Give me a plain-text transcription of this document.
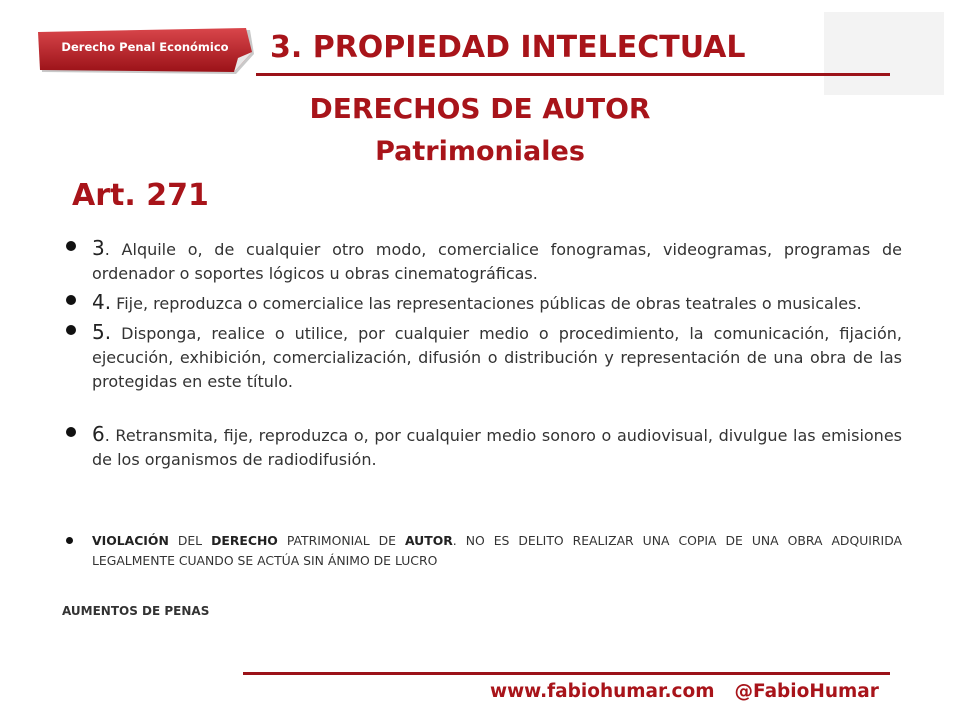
Derecho Penal Económico	3. PROPIEDAD INTELECTUAL
DERECHOS DE AUTOR
Patrimoniales
Art. 271
3. Alquile o, de cualquier otro modo, comercialice fonogramas, videogramas, programas de ordenador o soportes lógicos u obras cinematográficas.
4. Fije, reproduzca o comercialice las representaciones públicas de obras teatrales o musicales.
5. Disponga, realice o utilice, por cualquier medio o procedimiento, la comunicación, fijación, ejecución, exhibición, comercialización, difusión o distribución y representación de una obra de las protegidas en este título.
6. Retransmita, fije, reproduzca o, por cualquier medio sonoro o audiovisual, divulgue las emisiones de los organismos de radiodifusión.
VIOLACIÓN DEL DERECHO PATRIMONIAL DE AUTOR. NO ES DELITO REALIZAR UNA COPIA DE UNA OBRA ADQUIRIDA LEGALMENTE CUANDO SE ACTÚA SIN ÁNIMO DE LUCRO
AUMENTOS DE PENAS
www.fabiohumar.com @FabioHumar
